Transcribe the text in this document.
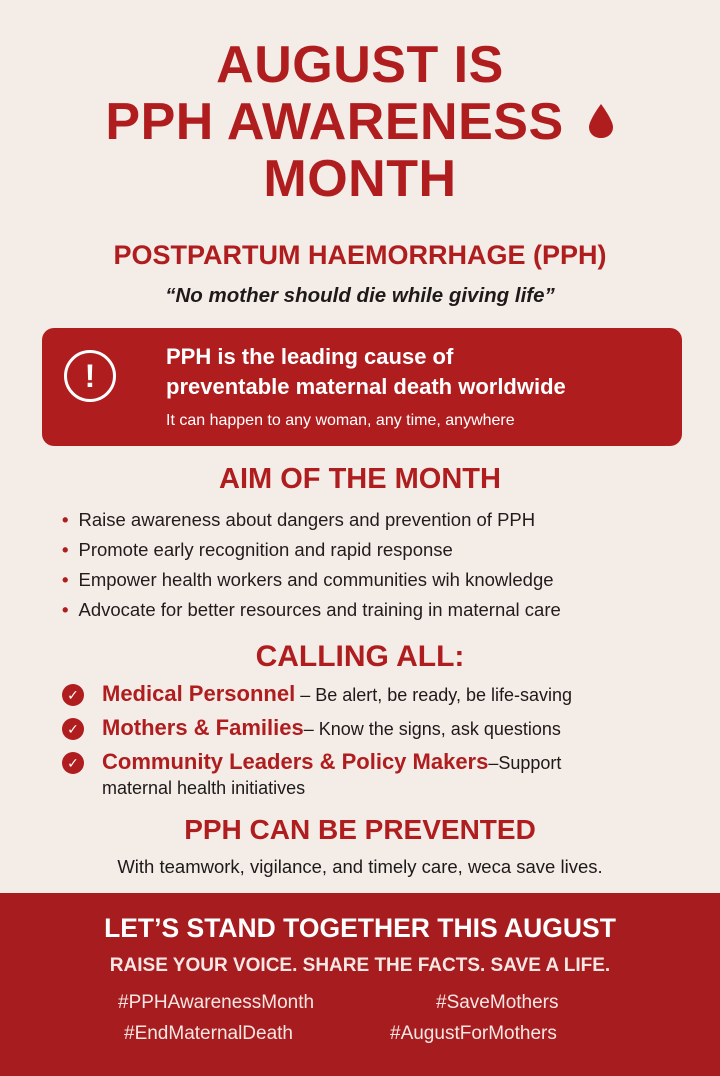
AUGUST IS
PPH AWARENESS
MONTH
POSTPARTUM HAEMORRHAGE (PPH)
“No mother should die while giving life”
!
PPH is the leading cause of
preventable maternal death worldwide
It can happen to any woman, any time, anywhere
AIM OF THE MONTH
• Raise awareness about dangers and prevention of PPH
• Promote early recognition and rapid response
• Empower health workers and communities wih knowledge
• Advocate for better resources and training in maternal care
CALLING ALL:
✓ Medical Personnel – Be alert, be ready, be life-saving
✓ Mothers & Families– Know the signs, ask questions
✓ Community Leaders & Policy Makers–Support
maternal health initiatives
PPH CAN BE PREVENTED
With teamwork, vigilance, and timely care, weca save lives.
LET’S STAND TOGETHER THIS AUGUST
RAISE YOUR VOICE. SHARE THE FACTS. SAVE A LIFE.
#PPHAwarenessMonth	#SaveMothers
#EndMaternalDeath	#AugustForMothers
